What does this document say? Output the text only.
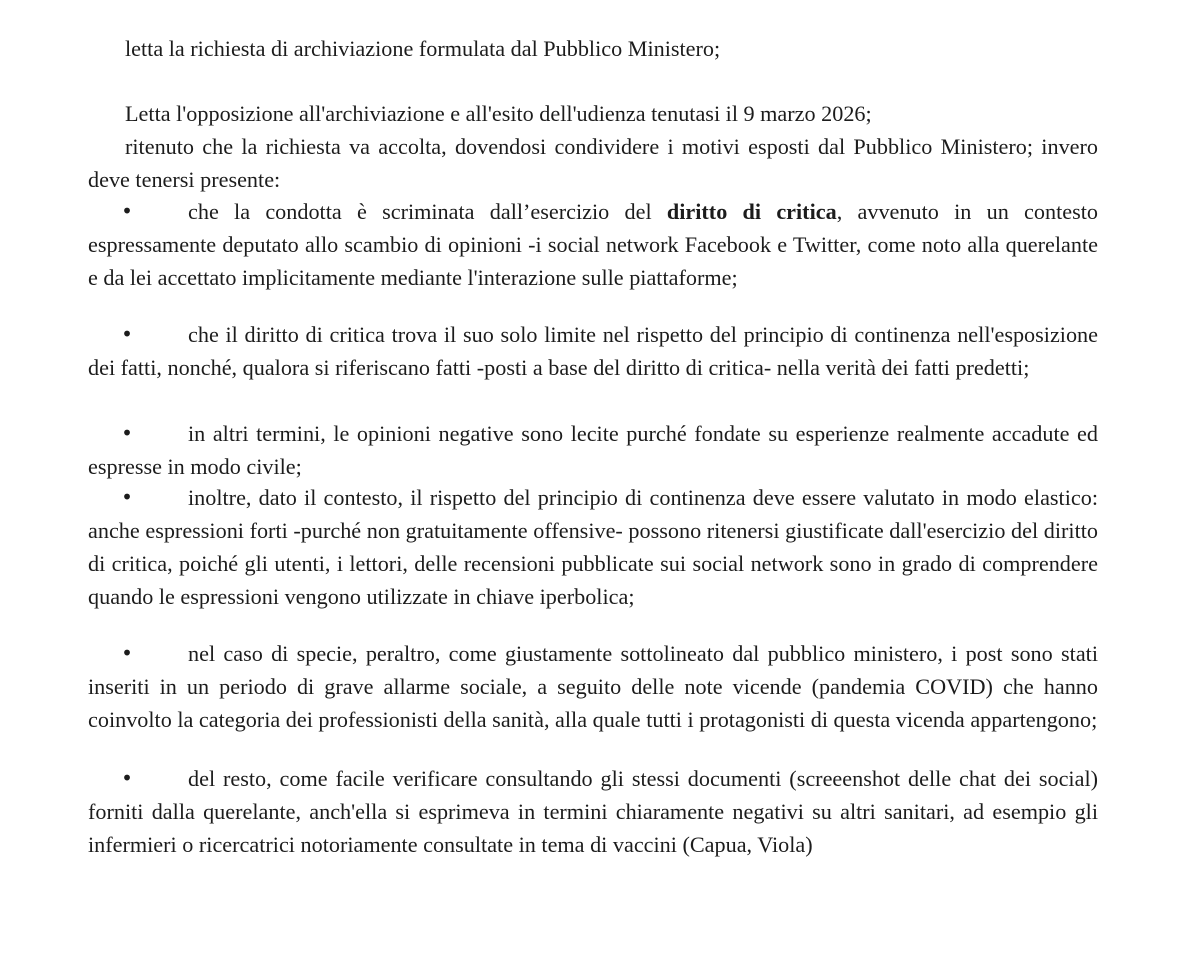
letta la richiesta di archiviazione formulata dal Pubblico Ministero;

Letta l'opposizione all'archiviazione e all'esito dell'udienza tenutasi il 9 marzo 2026;

ritenuto che la richiesta va accolta, dovendosi condividere i motivi esposti dal Pubblico Ministero; invero deve tenersi presente:

•	che la condotta è scriminata dall’esercizio del diritto di critica, avvenuto in un contesto espressamente deputato allo scambio di opinioni -i social network Facebook e Twitter, come noto alla querelante e da lei accettato implicitamente mediante l'interazione sulle piattaforme;

•	che il diritto di critica trova il suo solo limite nel rispetto del principio di continenza nell'esposizione dei fatti, nonché, qualora si riferiscano fatti -posti a base del diritto di critica- nella verità dei fatti predetti;

•	in altri termini, le opinioni negative sono lecite purché fondate su esperienze realmente accadute ed espresse in modo civile;

•	inoltre, dato il contesto, il rispetto del principio di continenza deve essere valutato in modo elastico: anche espressioni forti -purché non gratuitamente offensive- possono ritenersi giustificate dall'esercizio del diritto di critica, poiché gli utenti, i lettori, delle recensioni pubblicate sui social network sono in grado di comprendere quando le espressioni vengono utilizzate in chiave iperbolica;

•	nel caso di specie, peraltro, come giustamente sottolineato dal pubblico ministero, i post sono stati inseriti in un periodo di grave allarme sociale, a seguito delle note vicende (pandemia COVID) che hanno coinvolto la categoria dei professionisti della sanità, alla quale tutti i protagonisti di questa vicenda appartengono;

•	del resto, come facile verificare consultando gli stessi documenti (screeenshot delle chat dei social) forniti dalla querelante, anch'ella si esprimeva in termini chiaramente negativi su altri sanitari, ad esempio gli infermieri o ricercatrici notoriamente consultate in tema di vaccini (Capua, Viola)
